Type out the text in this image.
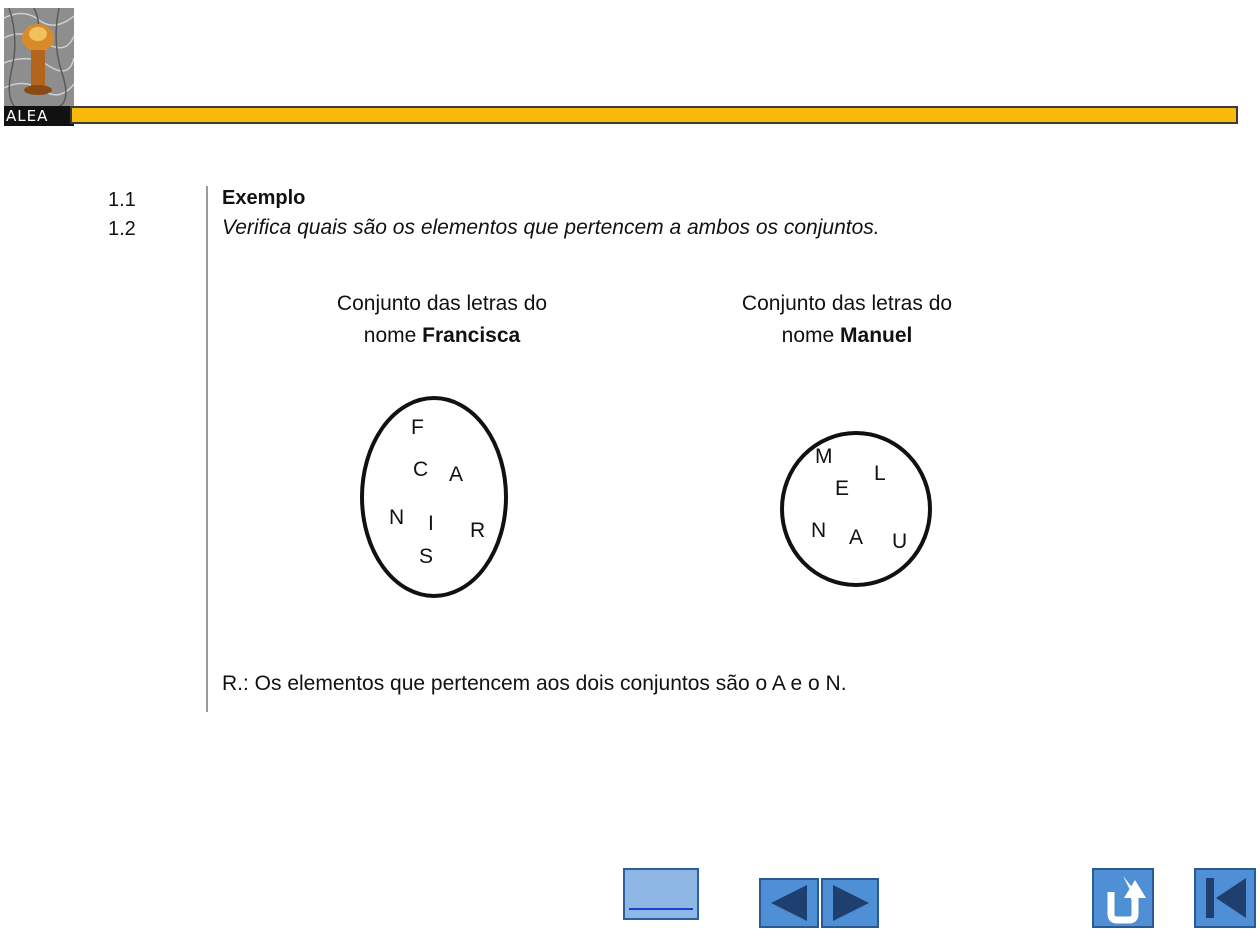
ALEA
1.1
1.2
Exemplo
Verifica quais são os elementos que pertencem a ambos os conjuntos.
Conjunto das letras do
nome Francisca
Conjunto das letras do
nome Manuel
F
C A
N I R
S
M
L
E
N A U
R.: Os elementos que pertencem aos dois conjuntos são o A e o N.
